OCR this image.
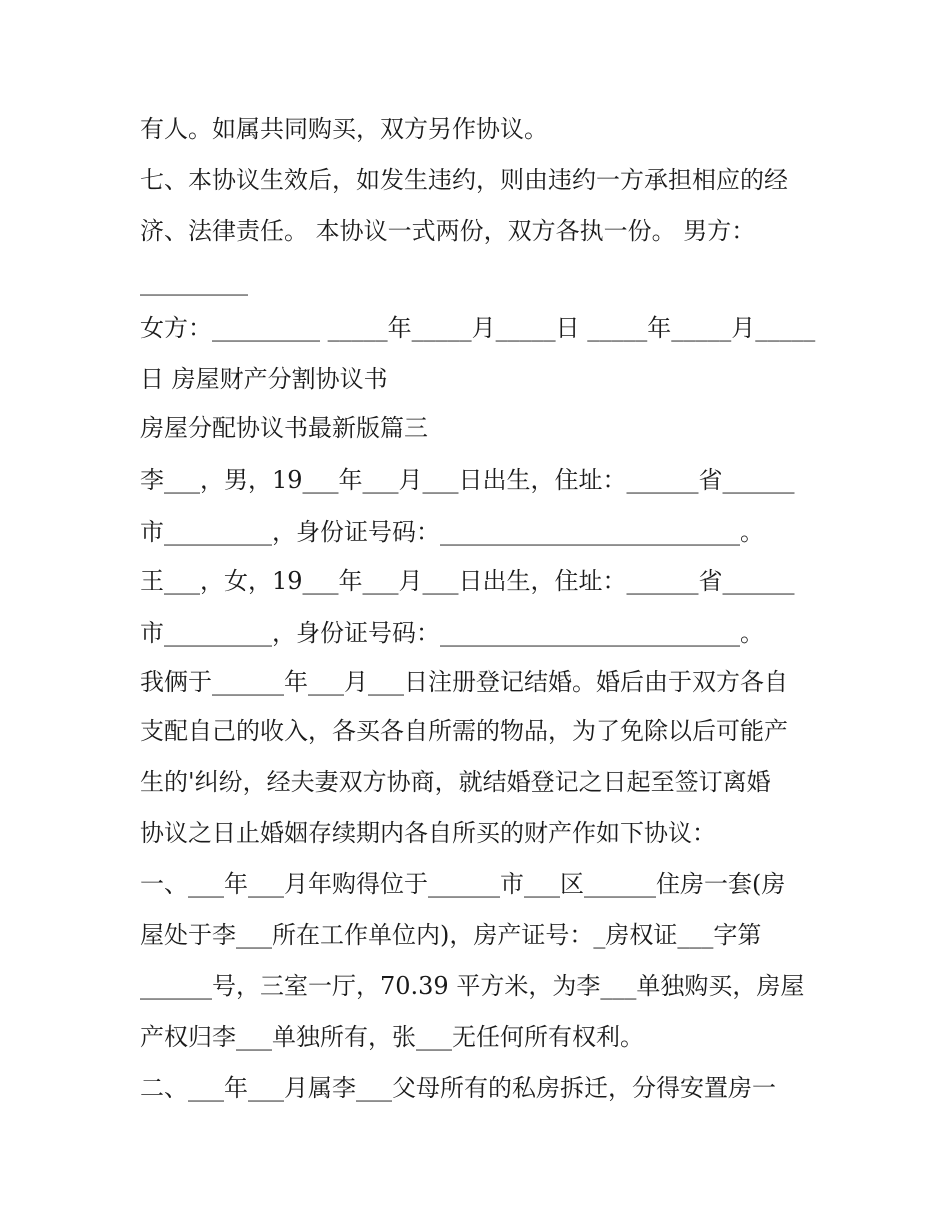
有人。如属共同购买，双方另作协议。
七、本协议生效后，如发生违约，则由违约一方承担相应的经
济、法律责任。 本协议一式两份，双方各执一份。 男方：
_________
女方：_________ _____年_____月_____日 _____年_____月_____
日 房屋财产分割协议书
房屋分配协议书最新版篇三
李___，男，19___年___月___日出生，住址：______省______
市_________，身份证号码：_________________________。
王___，女，19___年___月___日出生，住址：______省______
市_________，身份证号码：_________________________。
我俩于______年___月___日注册登记结婚。婚后由于双方各自
支配自己的收入，各买各自所需的物品，为了免除以后可能产
生的'纠纷，经夫妻双方协商，就结婚登记之日起至签订离婚
协议之日止婚姻存续期内各自所买的财产作如下协议：
一、___年___月年购得位于______市___区______住房一套(房
屋处于李___所在工作单位内)，房产证号：_房权证___字第
______号，三室一厅，70.39 平方米，为李___单独购买，房屋
产权归李___单独所有，张___无任何所有权利。
二、___年___月属李___父母所有的私房拆迁，分得安置房一
